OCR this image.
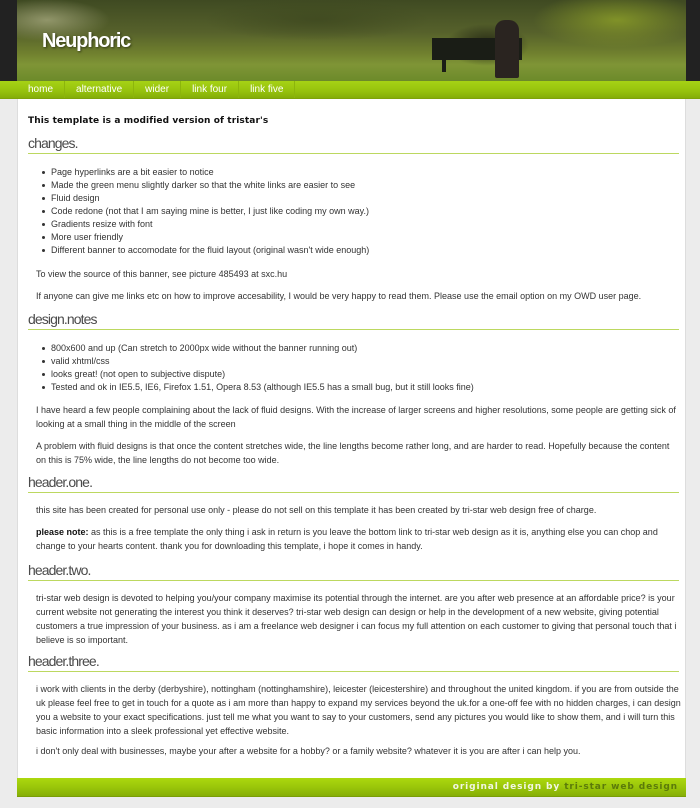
Neuphoric
home	alternative	wider	link four	link five
This template is a modified version of tristar's
changes.
Page hyperlinks are a bit easier to notice
Made the green menu slightly darker so that the white links are easier to see
Fluid design
Code redone (not that I am saying mine is better, I just like coding my own way.)
Gradients resize with font
More user friendly
Different banner to accomodate for the fluid layout (original wasn't wide enough)

To view the source of this banner, see picture 485493 at sxc.hu

If anyone can give me links etc on how to improve accesability, I would be very happy to read them. Please use the email option on my OWD user page.

design.notes
800x600 and up (Can stretch to 2000px wide without the banner running out)
valid xhtml/css
looks great! (not open to subjective dispute)
Tested and ok in IE5.5, IE6, Firefox 1.51, Opera 8.53 (although IE5.5 has a small bug, but it still looks fine)

I have heard a few people complaining about the lack of fluid designs. With the increase of larger screens and higher resolutions, some people are getting sick of looking at a small thing in the middle of the screen

A problem with fluid designs is that once the content stretches wide, the line lengths become rather long, and are harder to read. Hopefully because the content on this is 75% wide, the line lengths do not become too wide.

header.one.

this site has been created for personal use only - please do not sell on this template it has been created by tri-star web design free of charge.

please note: as this is a free template the only thing i ask in return is you leave the bottom link to tri-star web design as it is, anything else you can chop and change to your hearts content. thank you for downloading this template, i hope it comes in handy.

header.two.

tri-star web design is devoted to helping you/your company maximise its potential through the internet. are you after web presence at an affordable price? is your current website not generating the interest you think it deserves? tri-star web design can design or help in the development of a new website, giving potential customers a true impression of your business. as i am a freelance web designer i can focus my full attention on each customer to giving that personal touch that i believe is so important.

header.three.

i work with clients in the derby (derbyshire), nottingham (nottinghamshire), leicester (leicestershire) and throughout the united kingdom. if you are from outside the uk please feel free to get in touch for a quote as i am more than happy to expand my services beyond the uk.for a one-off fee with no hidden charges, i can design you a website to your exact specifications. just tell me what you want to say to your customers, send any pictures you would like to show them, and i will turn this basic information into a sleek professional yet effective website.

i don't only deal with businesses, maybe your after a website for a hobby? or a family website? whatever it is you are after i can help you.

original design by tri-star web design
